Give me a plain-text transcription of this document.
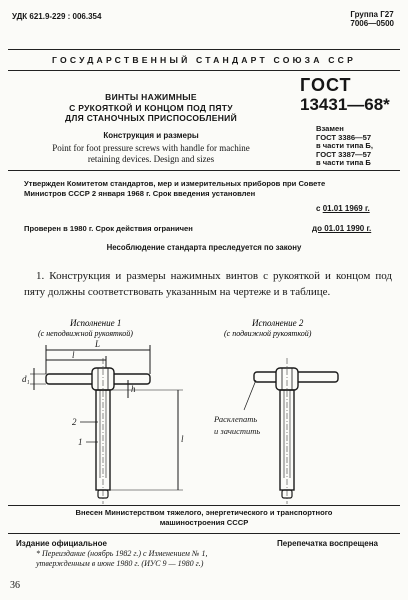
УДК 621.9-229 : 006.354	Группа Г27
7006—0500
ГОСУДАРСТВЕННЫЙ СТАНДАРТ СОЮЗА ССР
ВИНТЫ НАЖИМНЫЕ
С РУКОЯТКОЙ И КОНЦОМ ПОД ПЯТУ
ДЛЯ СТАНОЧНЫХ ПРИСПОСОБЛЕНИЙ
Конструкция и размеры
Point for foot pressure screws with handle for machine
retaining devices. Design and sizes
ГОСТ
13431—68*
Взамен
ГОСТ 3386—57
в части типа Б,
ГОСТ 3387—57
в части типа Б
Утвержден Комитетом стандартов, мер и измерительных приборов при Совете
Министров СССР 2 января 1968 г. Срок введения установлен
с 01.01 1969 г.
Проверен в 1980 г. Срок действия ограничен	до 01.01 1990 г.
Несоблюдение стандарта преследуется по закону
1. Конструкция и размеры нажимных винтов с рукояткой и концом под пяту должны соответствовать указанным на чертеже и в таблице.
Исполнение 1
(с неподвижной рукояткой)
Исполнение 2
(с подвижной рукояткой)
L
l
d₁
h
l
2
1
Расклепать
и зачистить
Внесен Министерством тяжелого, энергетического и транспортного
машиностроения СССР
Издание официальное	Перепечатка воспрещена
* Переиздание (ноябрь 1982 г.) с Изменением № 1,
утвержденным в июне 1980 г. (ИУС 9 — 1980 г.)
36
